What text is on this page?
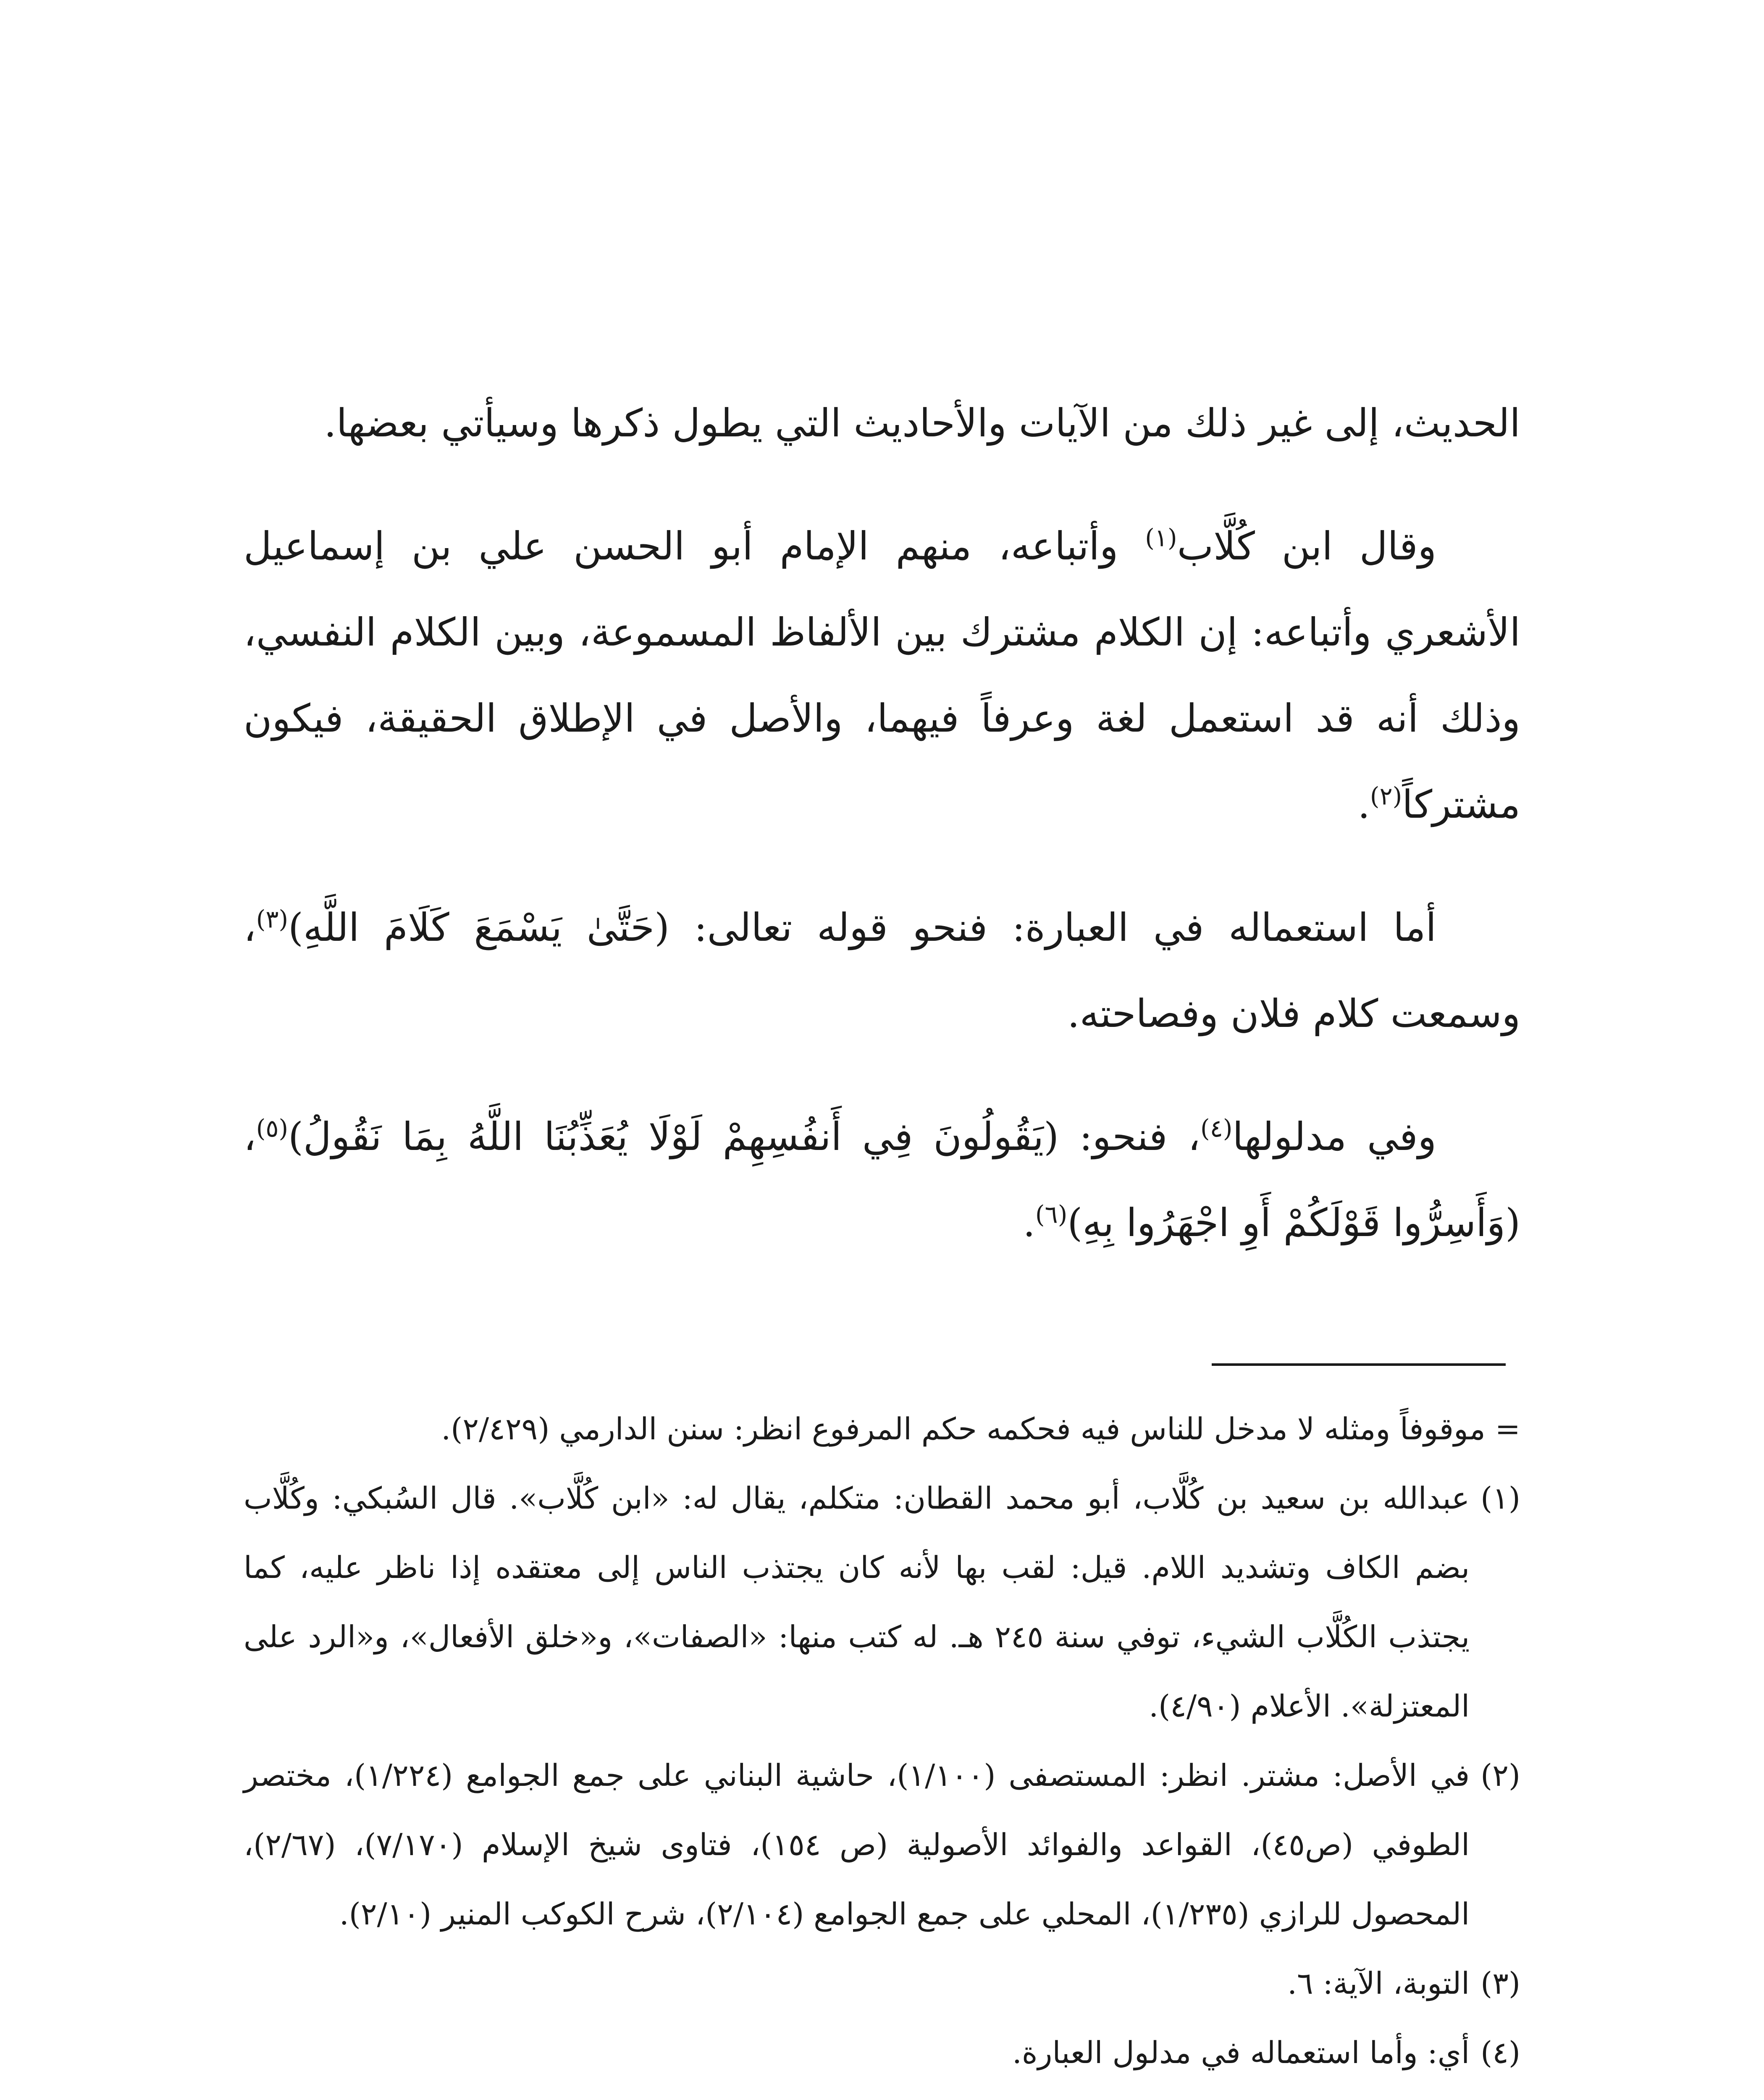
الحديث، إلى غير ذلك من الآيات والأحاديث التي يطول ذكرها وسيأتي بعضها.

وقال ابن كُلَّاب$^{(١)}$ وأتباعه، منهم الإمام أبو الحسن علي بن إسماعيل الأشعري وأتباعه: إن الكلام مشترك بين الألفاظ المسموعة، وبين الكلام النفسي، وذلك أنه قد استعمل لغة وعرفاً فيهما، والأصل في الإطلاق الحقيقة، فيكون مشتركاً$^{(٢)}$.

أما استعماله في العبارة: فنحو قوله تعالى: (حَتَّىٰ يَسْمَعَ كَلَامَ اللَّهِ)$^{(٣)}$، وسمعت كلام فلان وفصاحته.

وفي مدلولها$^{(٤)}$، فنحو: (يَقُولُونَ فِي أَنفُسِهِمْ لَوْلَا يُعَذِّبُنَا اللَّهُ بِمَا نَقُولُ)$^{(٥)}$، (وَأَسِرُّوا قَوْلَكُمْ أَوِ اجْهَرُوا بِهِ)$^{(٦)}$.

= موقوفاً ومثله لا مدخل للناس فيه فحكمه حكم المرفوع انظر: سنن الدارمي (٢/٤٢٩).

(١)
عبدالله بن سعيد بن كُلَّاب، أبو محمد القطان: متكلم، يقال له: «ابن كُلَّاب». قال السُبكي: وكُلَّاب بضم الكاف وتشديد اللام. قيل: لقب بها لأنه كان يجتذب الناس إلى معتقده إذا ناظر عليه، كما يجتذب الكُلَّاب الشيء، توفي سنة ٢٤٥ هـ. له كتب منها: «الصفات»، و«خلق الأفعال»، و«الرد على المعتزلة». الأعلام (٤/٩٠).
(٢)
في الأصل: مشتر. انظر: المستصفى (١/١٠٠)، حاشية البناني على جمع الجوامع (١/٢٢٤)، مختصر الطوفي (ص٤٥)، القواعد والفوائد الأصولية (ص ١٥٤)، فتاوى شيخ الإسلام (٧/١٧٠)، (٢/٦٧)، المحصول للرازي (١/٢٣٥)، المحلي على جمع الجوامع (٢/١٠٤)، شرح الكوكب المنير (٢/١٠).
(٣)
التوبة، الآية: ٦.
(٤)
أي: وأما استعماله في مدلول العبارة.
